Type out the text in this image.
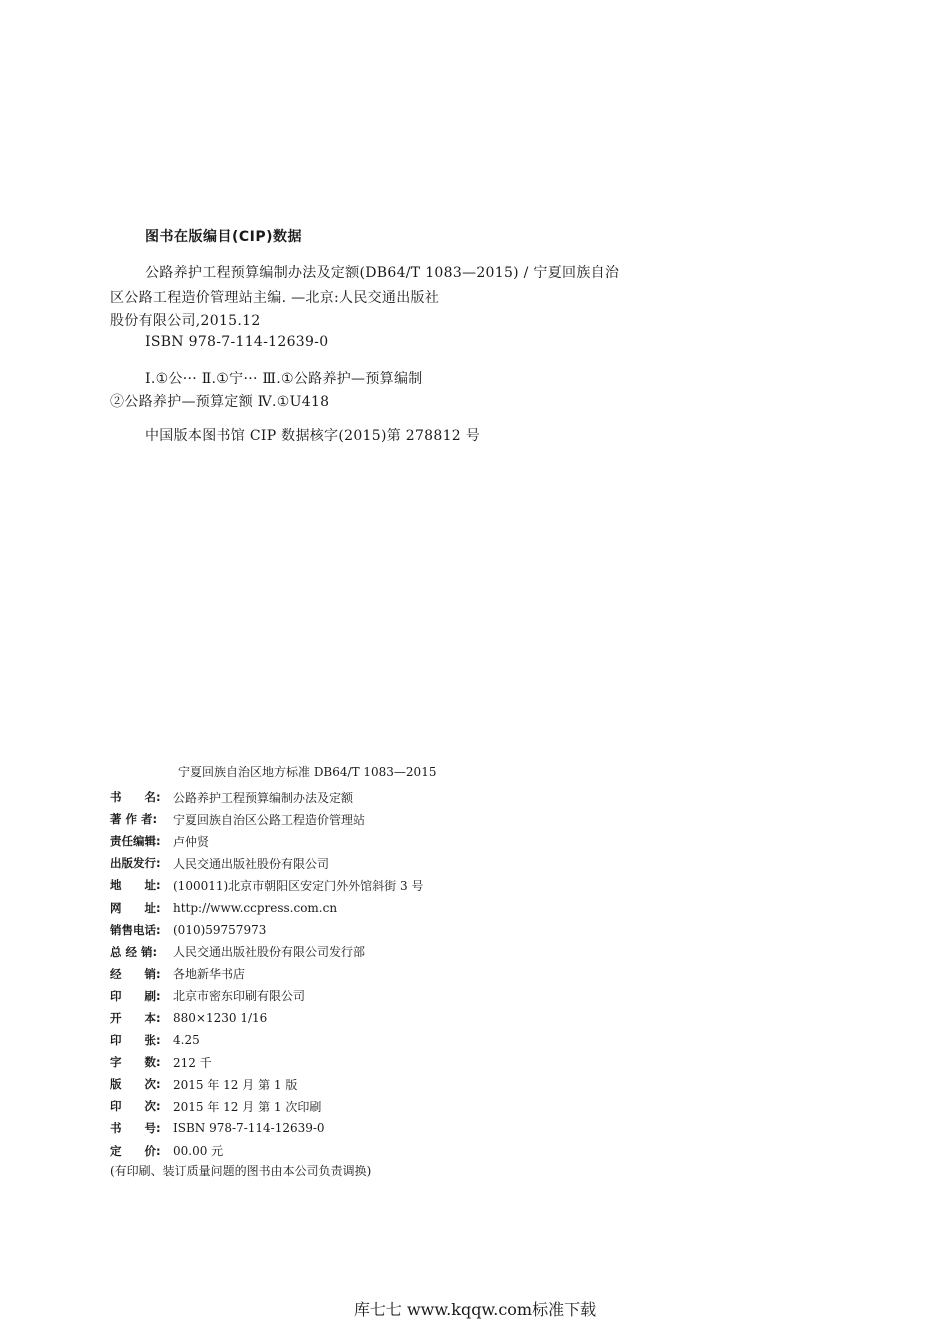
图书在版编目(CIP)数据
公路养护工程预算编制办法及定额(DB64/T 1083—2015) / 宁夏回族自治
区公路工程造价管理站主编. —北京:人民交通出版社
股份有限公司,2015.12
ISBN 978-7-114-12639-0
Ⅰ.①公··· Ⅱ.①宁··· Ⅲ.①公路养护—预算编制
②公路养护—预算定额 Ⅳ.①U418
中国版本图书馆 CIP 数据核字(2015)第 278812 号
宁夏回族自治区地方标准 DB64/T 1083—2015
书　　名:	公路养护工程预算编制办法及定额
著 作 者:	宁夏回族自治区公路工程造价管理站
责任编辑:	卢仲贤
出版发行:	人民交通出版社股份有限公司
地　　址:	(100011)北京市朝阳区安定门外外馆斜街 3 号
网　　址:	http://www.ccpress.com.cn
销售电话:	(010)59757973
总 经 销:	人民交通出版社股份有限公司发行部
经　　销:	各地新华书店
印　　刷:	北京市密东印刷有限公司
开　　本:	880×1230 1/16
印　　张:	4.25
字　　数:	212 千
版　　次:	2015 年 12 月 第 1 版
印　　次:	2015 年 12 月 第 1 次印刷
书　　号:	ISBN 978-7-114-12639-0
定　　价:	00.00 元
(有印刷、装订质量问题的图书由本公司负责调换)
库七七 www.kqqw.com标准下载
